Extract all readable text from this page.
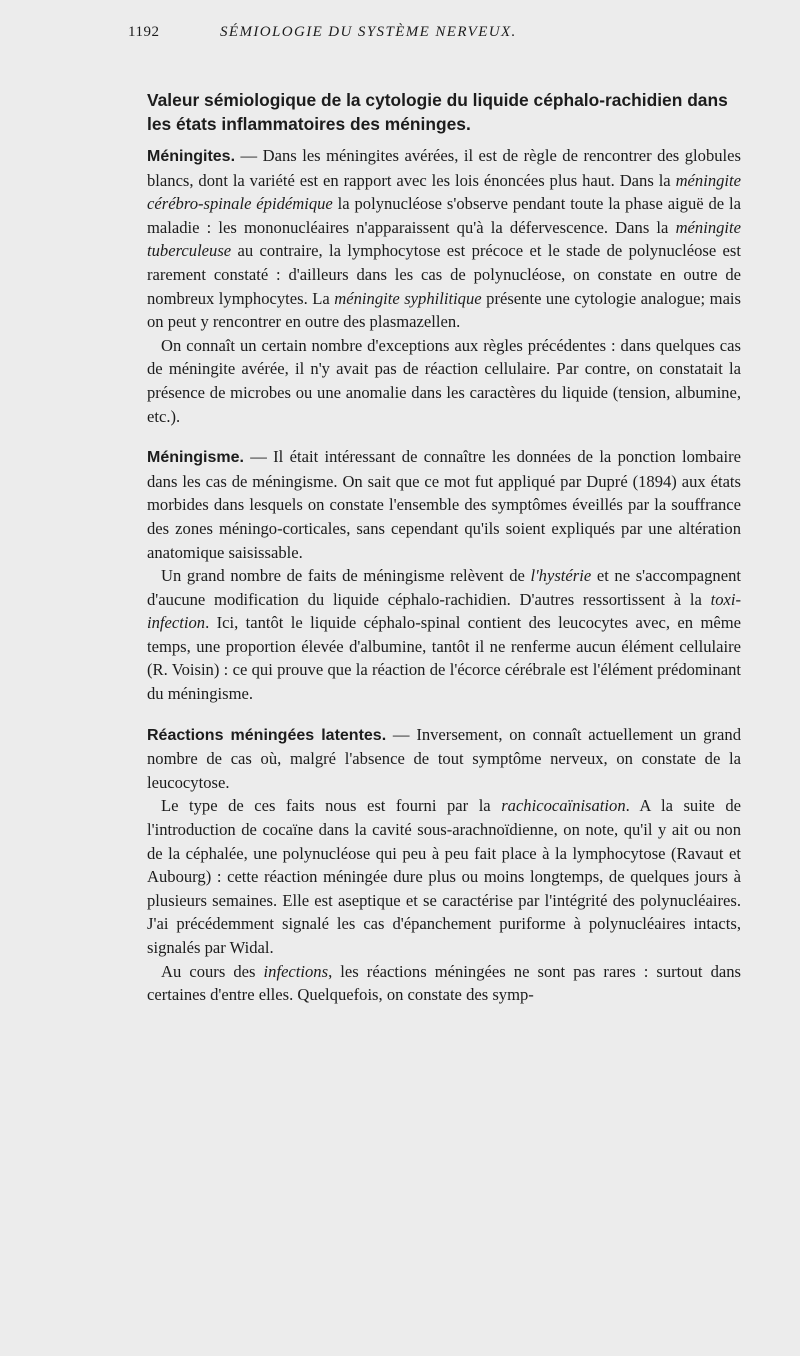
1192	SÉMIOLOGIE DU SYSTÈME NERVEUX.
Valeur sémiologique de la cytologie du liquide céphalo-rachidien dans les états inflammatoires des méninges.

Méningites. — Dans les méningites avérées, il est de règle de rencontrer des globules blancs, dont la variété est en rapport avec les lois énoncées plus haut. Dans la méningite cérébro-spinale épidémique la polynucléose s'observe pendant toute la phase aiguë de la maladie : les mononucléaires n'apparaissent qu'à la défervescence. Dans la méningite tuberculeuse au contraire, la lymphocytose est précoce et le stade de polynucléose est rarement constaté : d'ailleurs dans les cas de polynucléose, on constate en outre de nombreux lymphocytes. La méningite syphilitique présente une cytologie analogue; mais on peut y rencontrer en outre des plasmazellen.

On connaît un certain nombre d'exceptions aux règles précédentes : dans quelques cas de méningite avérée, il n'y avait pas de réaction cellulaire. Par contre, on constatait la présence de microbes ou une anomalie dans les caractères du liquide (tension, albumine, etc.).

Méningisme. — Il était intéressant de connaître les données de la ponction lombaire dans les cas de méningisme. On sait que ce mot fut appliqué par Dupré (1894) aux états morbides dans lesquels on constate l'ensemble des symptômes éveillés par la souffrance des zones méningo-corticales, sans cependant qu'ils soient expliqués par une altération anatomique saisissable.

Un grand nombre de faits de méningisme relèvent de l'hystérie et ne s'accompagnent d'aucune modification du liquide céphalo-rachidien. D'autres ressortissent à la toxi-infection. Ici, tantôt le liquide céphalo-spinal contient des leucocytes avec, en même temps, une proportion élevée d'albumine, tantôt il ne renferme aucun élément cellulaire (R. Voisin) : ce qui prouve que la réaction de l'écorce cérébrale est l'élément prédominant du méningisme.

Réactions méningées latentes. — Inversement, on connaît actuellement un grand nombre de cas où, malgré l'absence de tout symptôme nerveux, on constate de la leucocytose.

Le type de ces faits nous est fourni par la rachicocaïnisation. A la suite de l'introduction de cocaïne dans la cavité sous-arachnoïdienne, on note, qu'il y ait ou non de la céphalée, une polynucléose qui peu à peu fait place à la lymphocytose (Ravaut et Aubourg) : cette réaction méningée dure plus ou moins longtemps, de quelques jours à plusieurs semaines. Elle est aseptique et se caractérise par l'intégrité des polynucléaires. J'ai précédemment signalé les cas d'épanchement puriforme à polynucléaires intacts, signalés par Widal.

Au cours des infections, les réactions méningées ne sont pas rares : surtout dans certaines d'entre elles. Quelquefois, on constate des symp-
